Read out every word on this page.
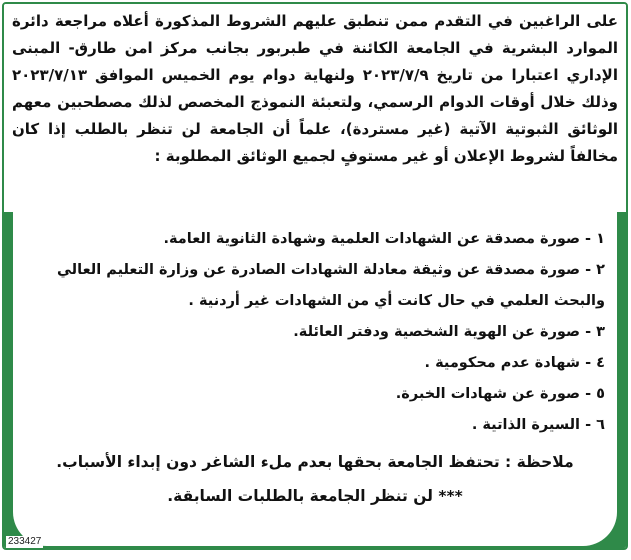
على الراغبين في التقدم ممن تنطبق عليهم الشروط المذكورة أعلاه مراجعة دائرة الموارد البشرية في الجامعة الكائنة في طبربور بجانب مركز امن طارق- المبنى الإداري اعتبارا من تاريخ ٢٠٢٣/٧/٩ ولنهاية دوام يوم الخميس الموافق ٢٠٢٣/٧/١٣ وذلك خلال أوقات الدوام الرسمي، ولتعبئة النموذج المخصص لذلك مصطحبين معهم الوثائق الثبوتية الآتية (غير مستردة)، علماً أن الجامعة لن تنظر بالطلب إذا كان مخالفاً لشروط الإعلان أو غير مستوفٍ لجميع الوثائق المطلوبة :
١ - صورة مصدقة عن الشهادات العلمية وشهادة الثانوية العامة.
٢ - صورة مصدقة عن وثيقة معادلة الشهادات الصادرة عن وزارة التعليم العالي والبحث العلمي في حال كانت أي من الشهادات غير أردنية .
٣ - صورة عن الهوية الشخصية ودفتر العائلة.
٤ - شهادة عدم محكومية .
٥ - صورة عن شهادات الخبرة.
٦ - السيرة الذاتية .
ملاحظة : تحتفظ الجامعة بحقها بعدم ملء الشاغر دون إبداء الأسباب.
*** لن تنظر الجامعة بالطلبات السابقة.
233427
